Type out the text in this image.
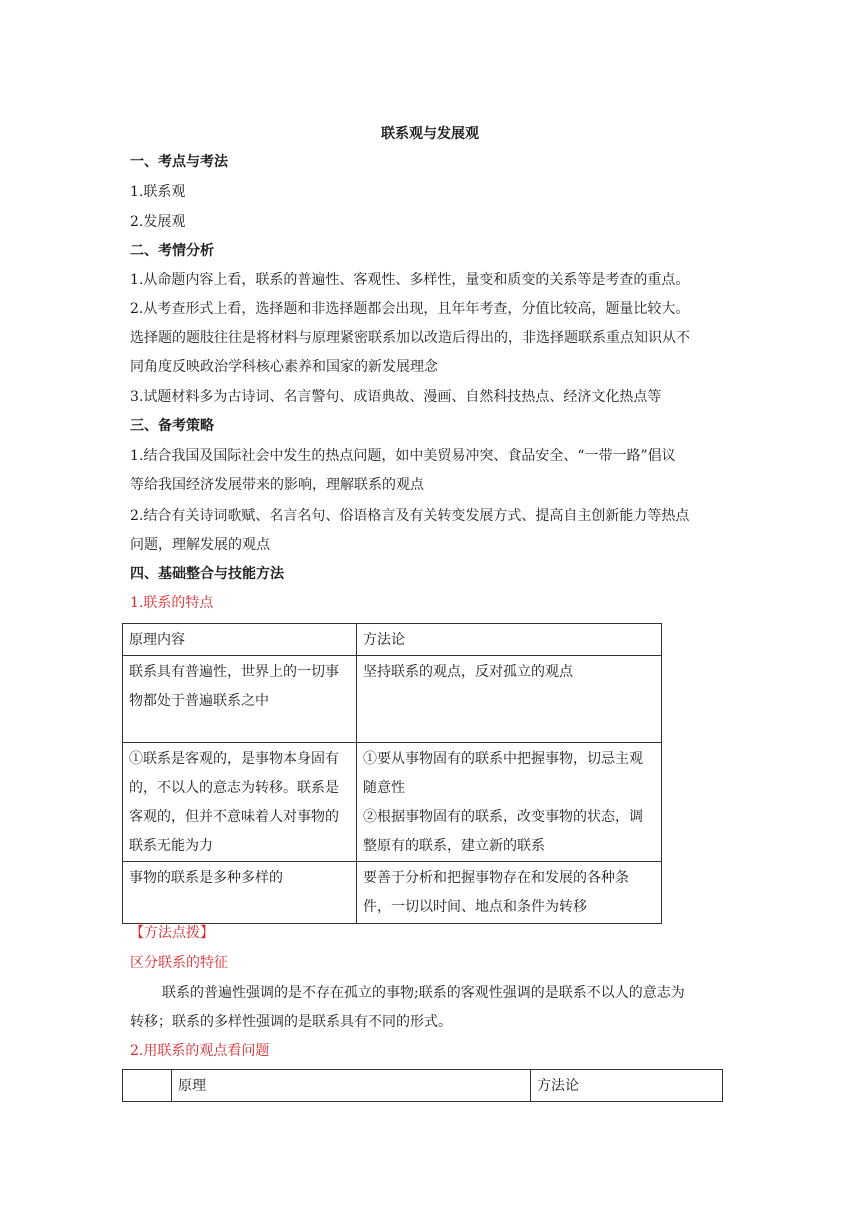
联系观与发展观
一、考点与考法
1.联系观
2.发展观
二、考情分析
1.从命题内容上看，联系的普遍性、客观性、多样性，量变和质变的关系等是考查的重点。
2.从考查形式上看，选择题和非选择题都会出现，且年年考查，分值比较高，题量比较大。
选择题的题肢往往是将材料与原理紧密联系加以改造后得出的，非选择题联系重点知识从不
同角度反映政治学科核心素养和国家的新发展理念
3.试题材料多为古诗词、名言警句、成语典故、漫画、自然科技热点、经济文化热点等
三、备考策略
1.结合我国及国际社会中发生的热点问题，如中美贸易冲突、食品安全、“一带一路”倡议
等给我国经济发展带来的影响，理解联系的观点
2.结合有关诗词歌赋、名言名句、俗语格言及有关转变发展方式、提高自主创新能力等热点
问题，理解发展的观点
四、基础整合与技能方法
1.联系的特点
原理内容	方法论
联系具有普遍性，世界上的一切事物都处于普遍联系之中	坚持联系的观点，反对孤立的观点

①联系是客观的，是事物本身固有的，不以人的意志为转移。联系是客观的，但并不意味着人对事物的联系无能为力	①要从事物固有的联系中把握事物，切忌主观随意性
②根据事物固有的联系，改变事物的状态，调整原有的联系，建立新的联系

事物的联系是多种多样的	要善于分析和把握事物存在和发展的各种条件，一切以时间、地点和条件为转移
【方法点拨】
区分联系的特征
联系的普遍性强调的是不存在孤立的事物;联系的客观性强调的是联系不以人的意志为
转移；联系的多样性强调的是联系具有不同的形式。
2.用联系的观点看问题
	原理	方法论
